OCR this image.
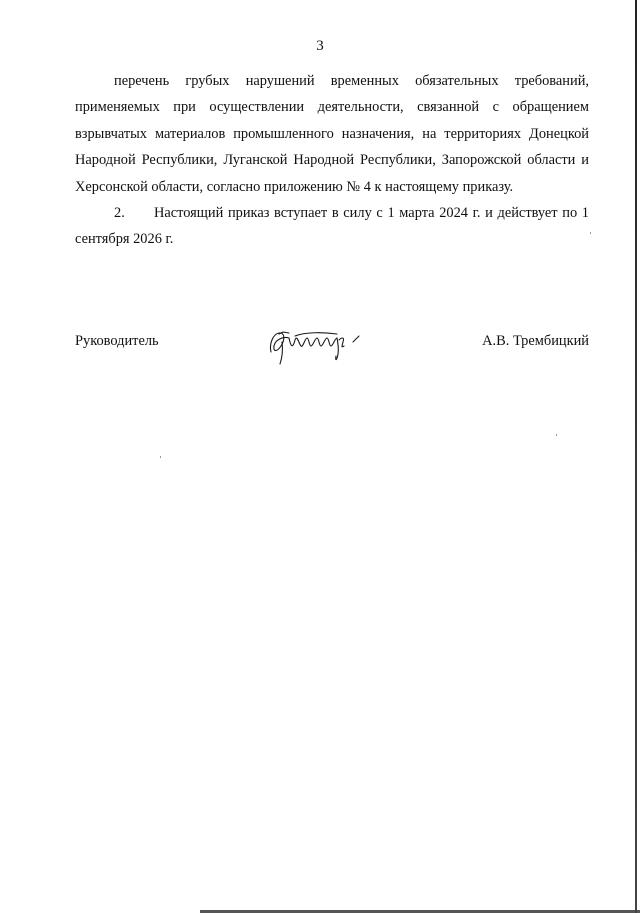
3

перечень грубых нарушений временных обязательных требований, применяемых при осуществлении деятельности, связанной с обращением взрывчатых материалов промышленного назначения, на территориях Донецкой Народной Республики, Луганской Народной Республики, Запорожской области и Херсонской области, согласно приложению № 4 к настоящему приказу.

2. Настоящий приказ вступает в силу с 1 марта 2024 г. и действует по 1 сентября 2026 г.

Руководитель	А.В. Трембицкий
